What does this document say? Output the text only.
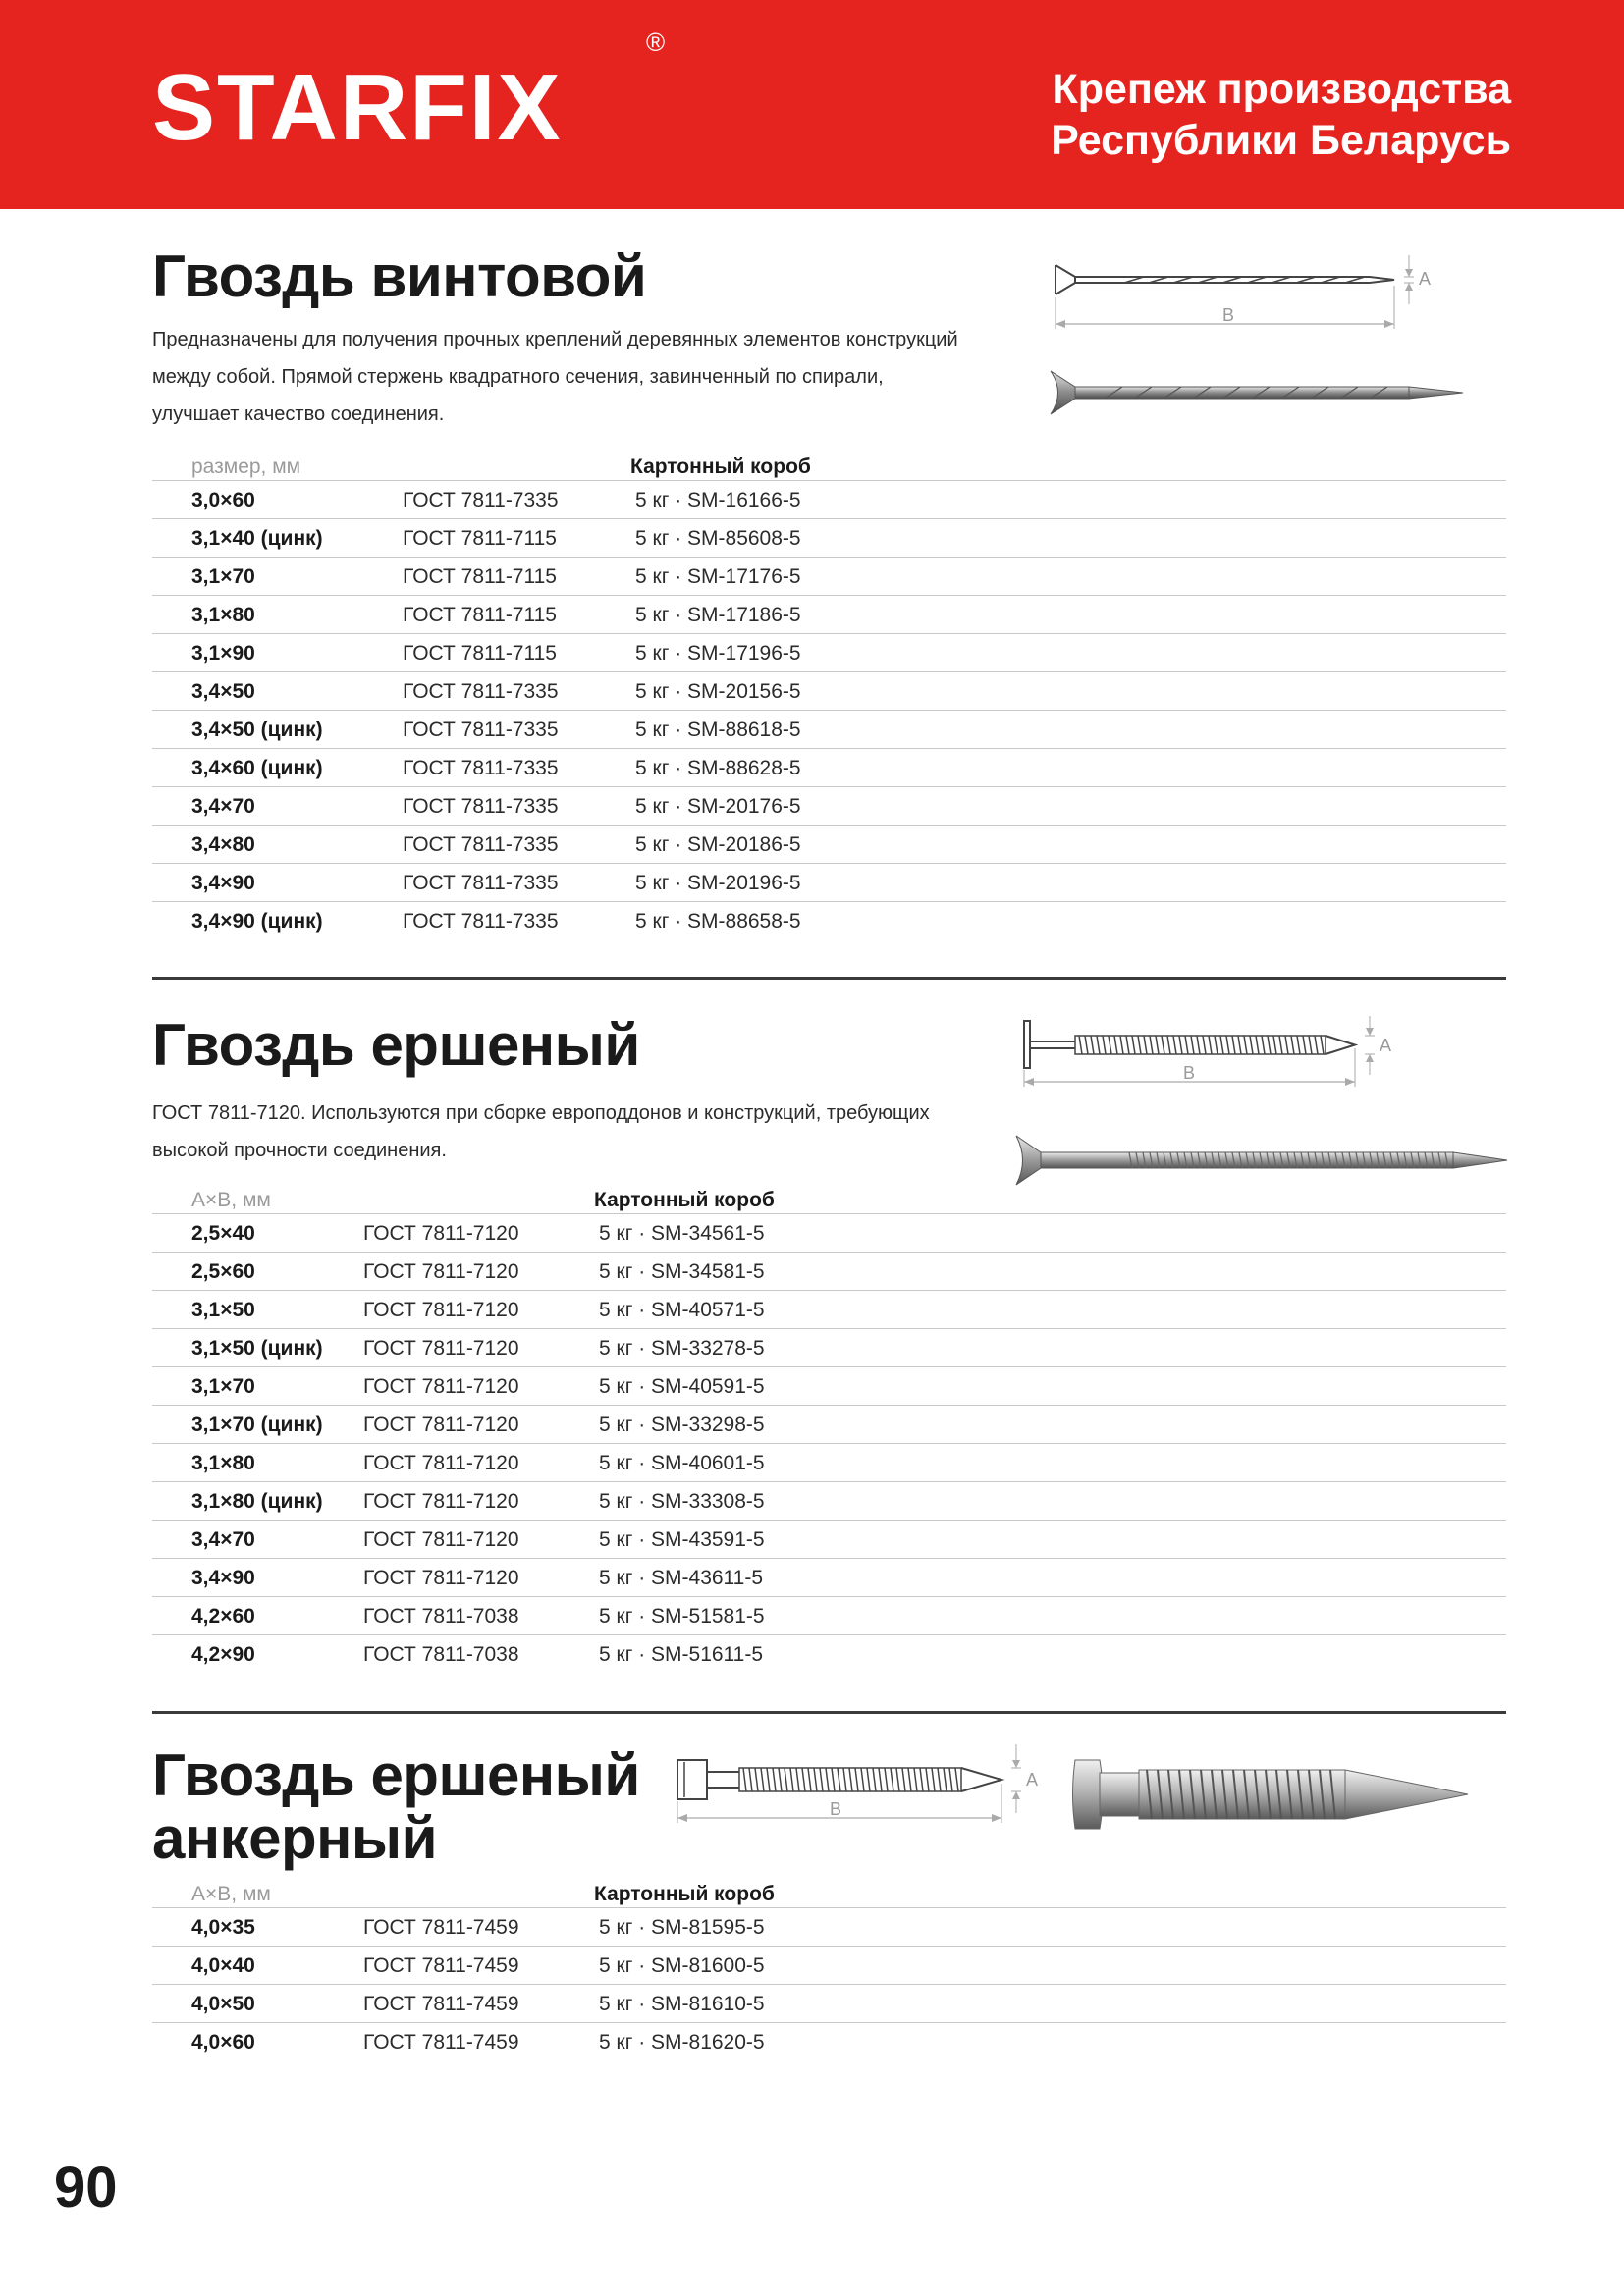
STARFIX
®
Крепеж производства
Республики Беларусь
Гвоздь винтовой
Предназначены для получения прочных креплений деревянных элементов конструкций
между собой. Прямой стержень квадратного сечения, завинченный по спирали,
улучшает качество соединения.
B
A
размер, мм	Картонный короб
3,0×60	ГОСТ 7811-7335	5 кг · SM-16166-5
3,1×40 (цинк)	ГОСТ 7811-7115	5 кг · SM-85608-5
3,1×70	ГОСТ 7811-7115	5 кг · SM-17176-5
3,1×80	ГОСТ 7811-7115	5 кг · SM-17186-5
3,1×90	ГОСТ 7811-7115	5 кг · SM-17196-5
3,4×50	ГОСТ 7811-7335	5 кг · SM-20156-5
3,4×50 (цинк)	ГОСТ 7811-7335	5 кг · SM-88618-5
3,4×60 (цинк)	ГОСТ 7811-7335	5 кг · SM-88628-5
3,4×70	ГОСТ 7811-7335	5 кг · SM-20176-5
3,4×80	ГОСТ 7811-7335	5 кг · SM-20186-5
3,4×90	ГОСТ 7811-7335	5 кг · SM-20196-5
3,4×90 (цинк)	ГОСТ 7811-7335	5 кг · SM-88658-5
Гвоздь ершеный
ГОСТ 7811-7120. Используются при сборке европоддонов и конструкций, требующих
высокой прочности соединения.
B
A
A×B, мм	Картонный короб
2,5×40	ГОСТ 7811-7120	5 кг · SM-34561-5
2,5×60	ГОСТ 7811-7120	5 кг · SM-34581-5
3,1×50	ГОСТ 7811-7120	5 кг · SM-40571-5
3,1×50 (цинк) ГОСТ 7811-7120	5 кг · SM-33278-5
3,1×70	ГОСТ 7811-7120	5 кг · SM-40591-5
3,1×70 (цинк) ГОСТ 7811-7120	5 кг · SM-33298-5
3,1×80	ГОСТ 7811-7120	5 кг · SM-40601-5
3,1×80 (цинк) ГОСТ 7811-7120	5 кг · SM-33308-5
3,4×70	ГОСТ 7811-7120	5 кг · SM-43591-5
3,4×90	ГОСТ 7811-7120	5 кг · SM-43611-5
4,2×60	ГОСТ 7811-7038	5 кг · SM-51581-5
4,2×90	ГОСТ 7811-7038	5 кг · SM-51611-5
Гвоздь ершеный
анкерный	B
A
A×B, мм	Картонный короб
4,0×35	ГОСТ 7811-7459	5 кг · SM-81595-5
4,0×40	ГОСТ 7811-7459	5 кг · SM-81600-5
4,0×50	ГОСТ 7811-7459	5 кг · SM-81610-5
4,0×60	ГОСТ 7811-7459	5 кг · SM-81620-5
90
